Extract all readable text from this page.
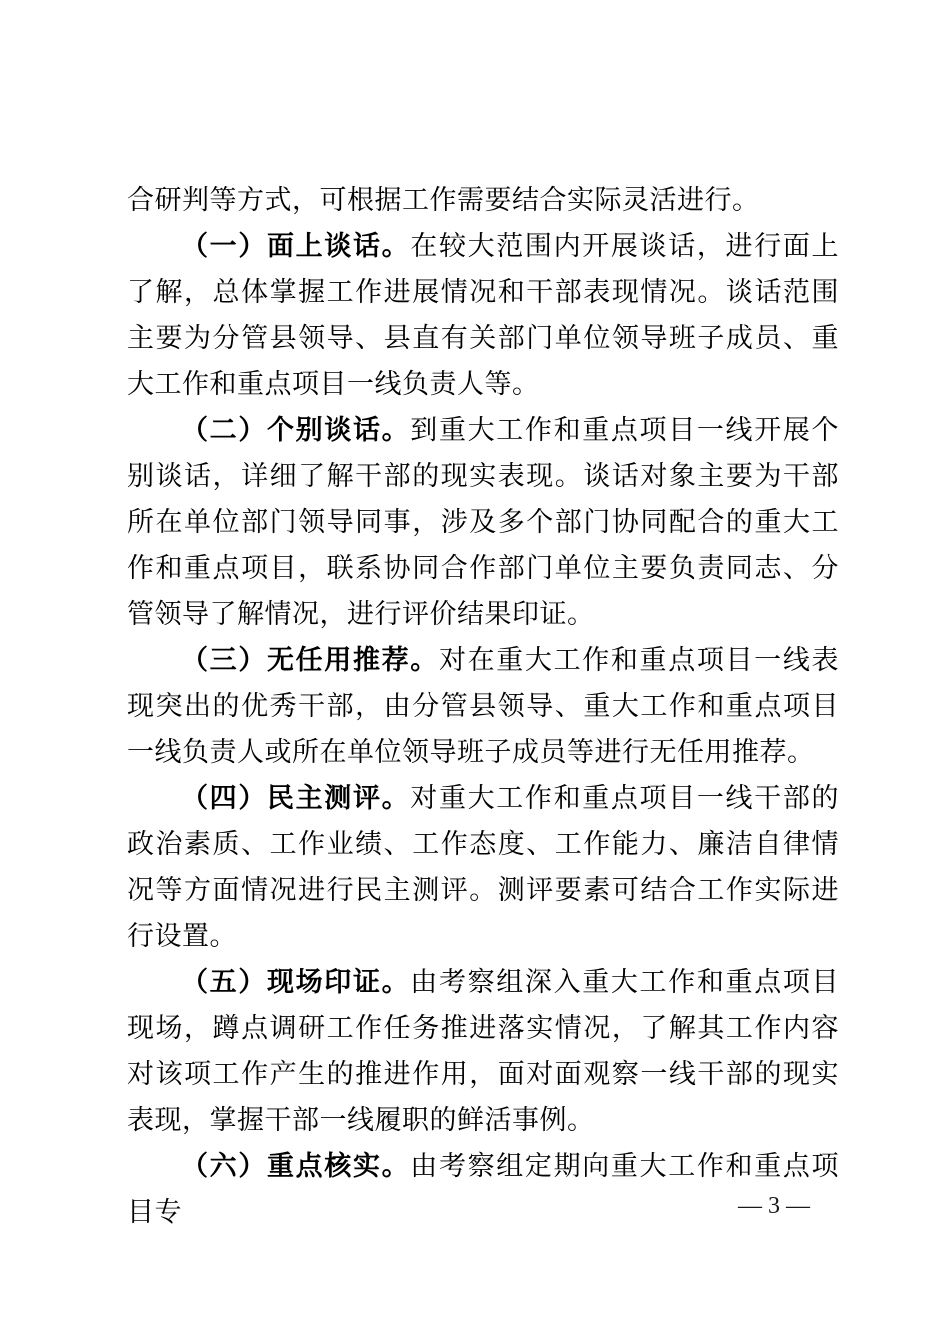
合研判等方式，可根据工作需要结合实际灵活进行。

（一）面上谈话。在较大范围内开展谈话，进行面上了解，总体掌握工作进展情况和干部表现情况。谈话范围主要为分管县领导、县直有关部门单位领导班子成员、重大工作和重点项目一线负责人等。

（二）个别谈话。到重大工作和重点项目一线开展个别谈话，详细了解干部的现实表现。谈话对象主要为干部所在单位部门领导同事，涉及多个部门协同配合的重大工作和重点项目，联系协同合作部门单位主要负责同志、分管领导了解情况，进行评价结果印证。

（三）无任用推荐。对在重大工作和重点项目一线表现突出的优秀干部，由分管县领导、重大工作和重点项目一线负责人或所在单位领导班子成员等进行无任用推荐。

（四）民主测评。对重大工作和重点项目一线干部的政治素质、工作业绩、工作态度、工作能力、廉洁自律情况等方面情况进行民主测评。测评要素可结合工作实际进行设置。

（五）现场印证。由考察组深入重大工作和重点项目现场，蹲点调研工作任务推进落实情况，了解其工作内容对该项工作产生的推进作用，面对面观察一线干部的现实表现，掌握干部一线履职的鲜活事例。

（六）重点核实。由考察组定期向重大工作和重点项目专	— 3 —
